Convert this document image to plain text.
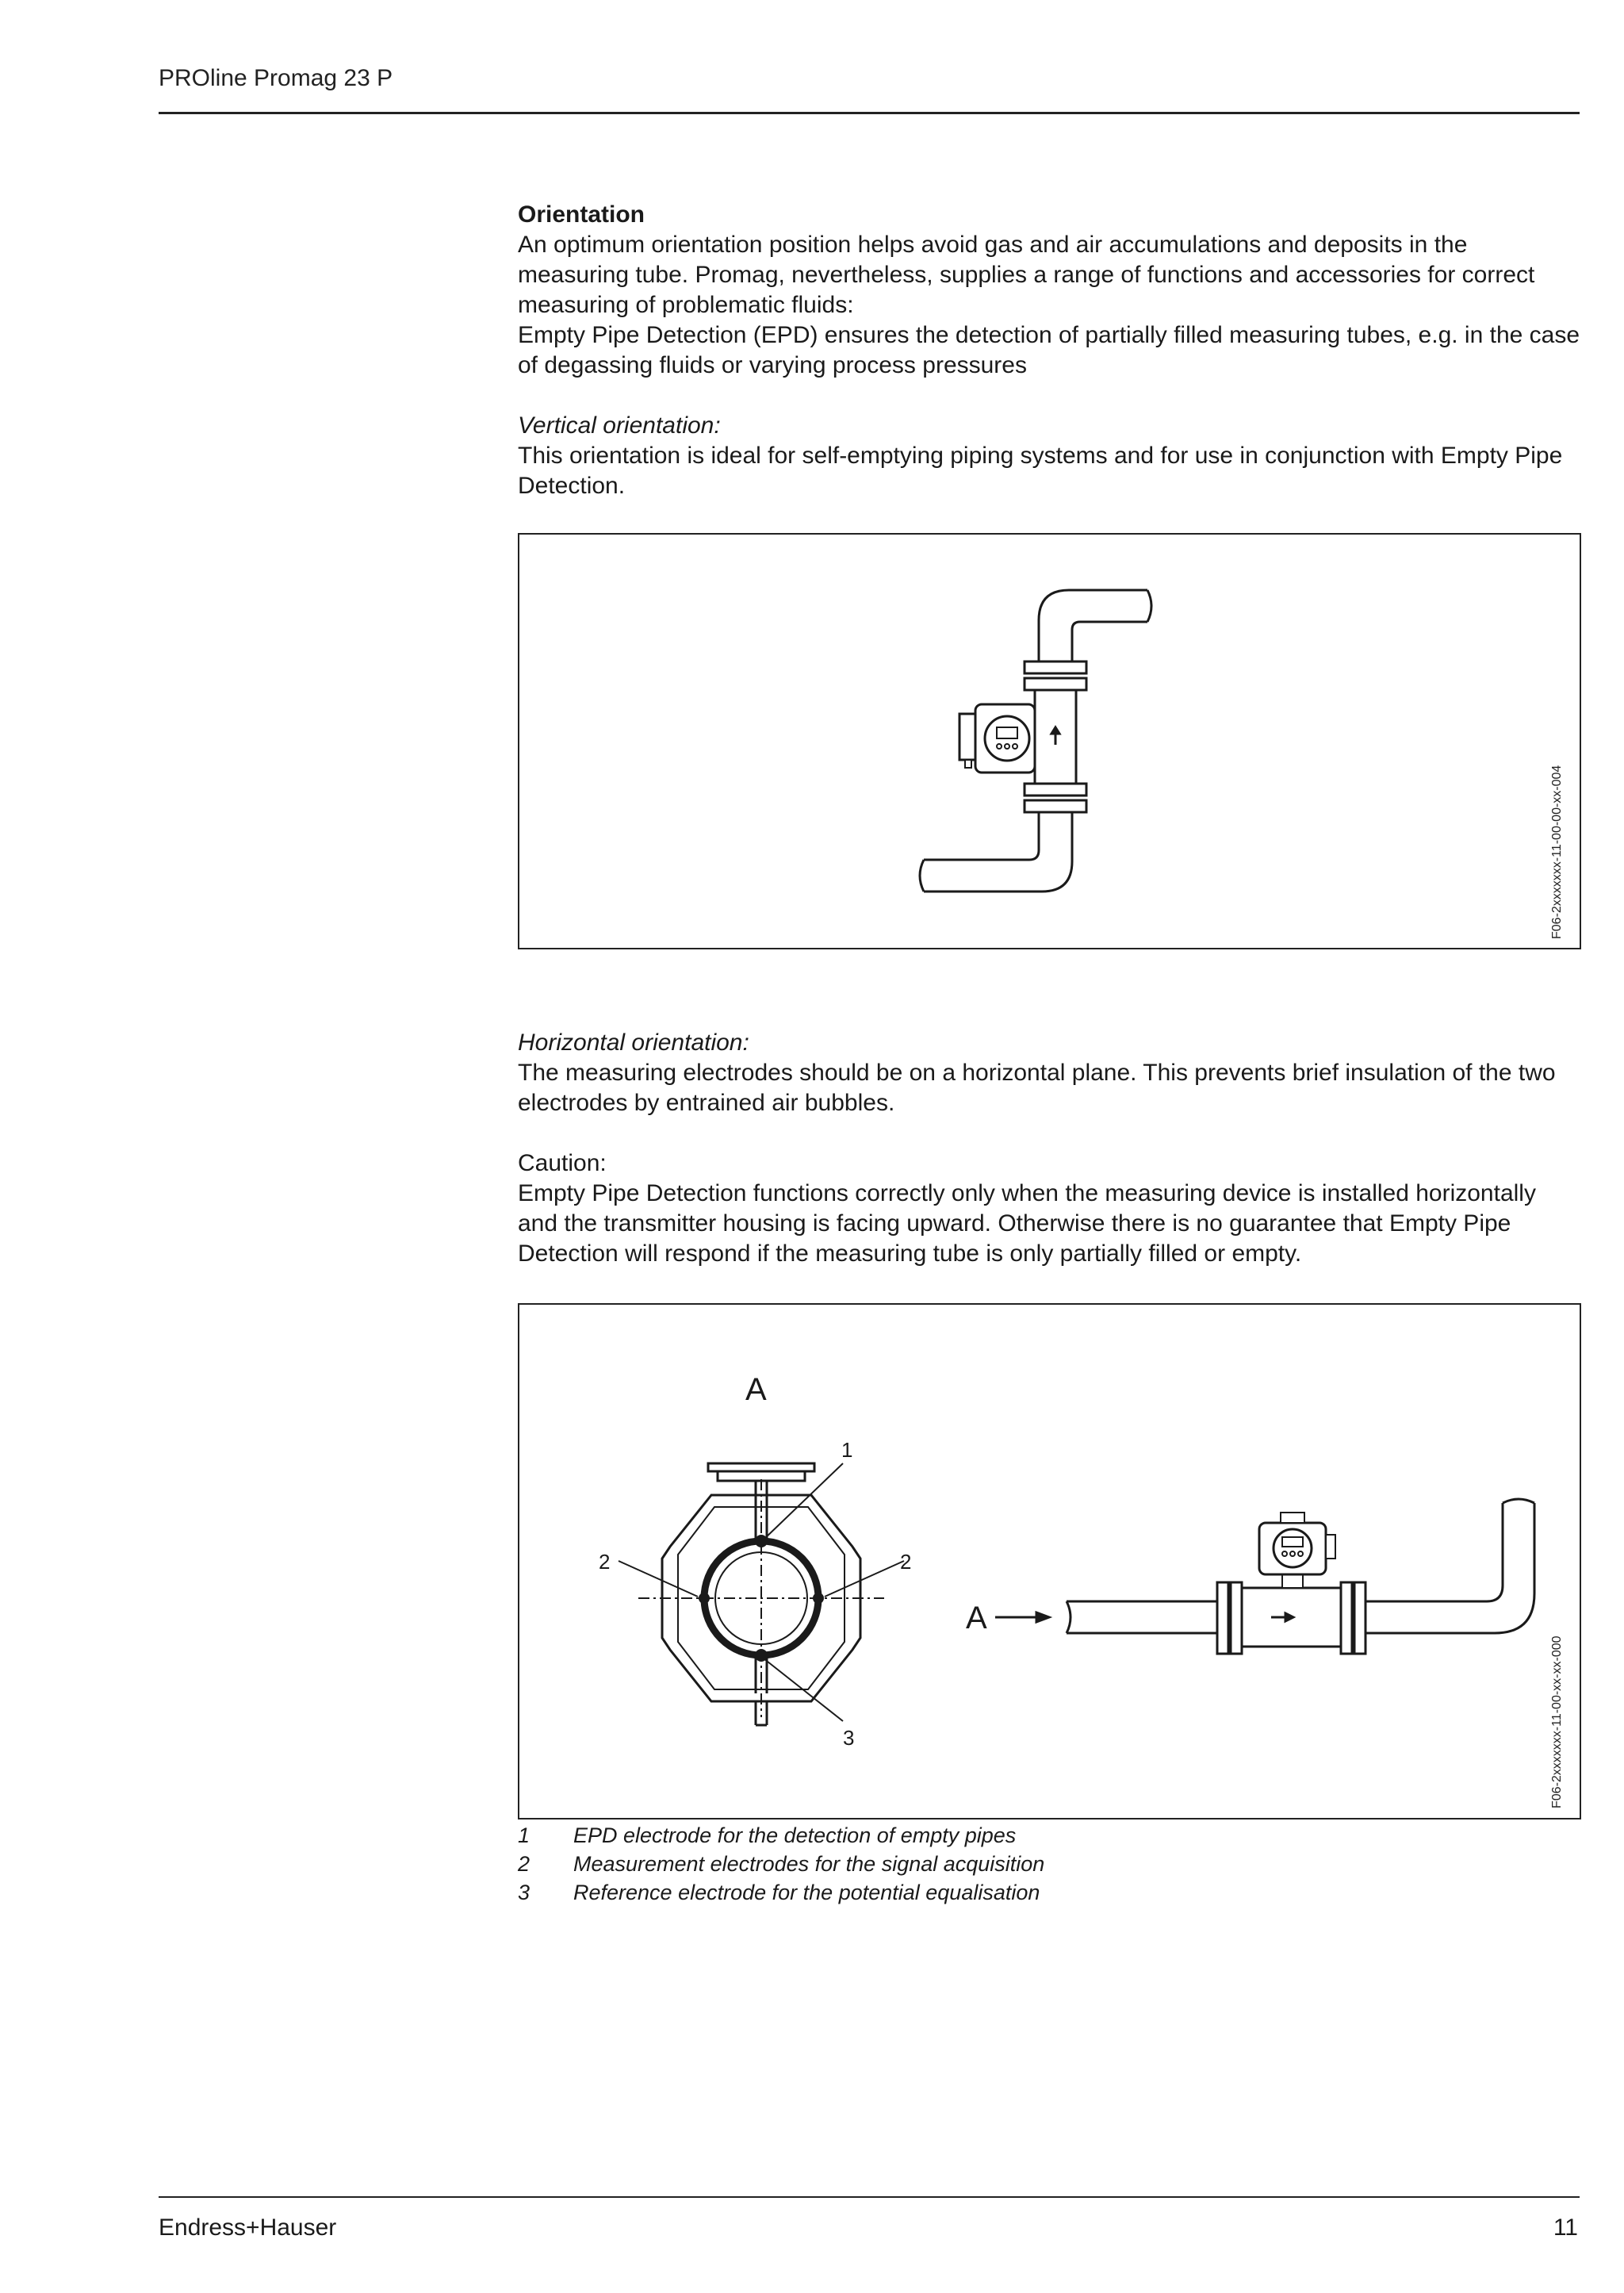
PROline Promag 23 P

Orientation

An optimum orientation position helps avoid gas and air accumulations and deposits in the measuring tube. Promag, nevertheless, supplies a range of functions and accessories for correct measuring of problematic fluids:

Empty Pipe Detection (EPD) ensures the detection of partially filled measuring tubes, e.g. in the case of degassing fluids or varying process pressures

Vertical orientation:

This orientation is ideal for self-emptying piping systems and for use in conjunction with Empty Pipe Detection.

F06-2xxxxxxx-11-00-00-xx-004

Horizontal orientation:

The measuring electrodes should be on a horizontal plane. This prevents brief insulation of the two electrodes by entrained air bubbles.

Caution:

Empty Pipe Detection functions correctly only when the measuring device is installed horizontally and the transmitter housing is facing upward. Otherwise there is no guarantee that Empty Pipe Detection will respond if the measuring tube is only partially filled or empty.

A
1
2	2
3
A
F06-2xxxxxxx-11-00-xx-xx-000
1	EPD electrode for the detection of empty pipes
2	Measurement electrodes for the signal acquisition
3	Reference electrode for the potential equalisation
Endress+Hauser	11
